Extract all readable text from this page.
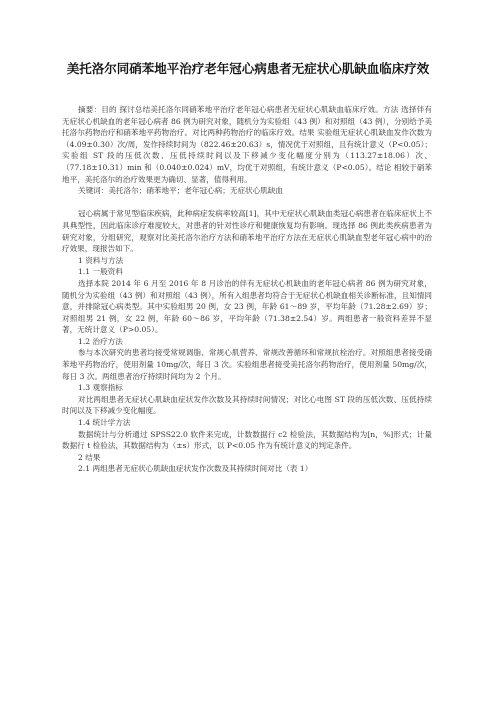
美托洛尔同硝苯地平治疗老年冠心病患者无症状心肌缺血临床疗效

摘要：目的 探讨总结美托洛尔同硝苯地平治疗老年冠心病患者无症状心肌缺血临床疗效。方法 选择伴有无症状心机缺血的老年冠心病者 86 例为研究对象，随机分为实验组（43 例）和对照组（43 例），分别给予美托洛尔药物治疗和硝苯地平药物治疗。对比两种药物治疗的临床疗效。结果 实验组无症状心肌缺血发作次数为（4.09±0.30）次/周，发作持续时间为（822.46±20.63）s，情况优于对照组，且有统计意义（P<0.05）；实验组 ST 段的压低次数、压低持续时间以及下移减少变化幅度分别为（113.27±18.06）次、（77.18±10.31）min 和（0.040±0.024）mV，均优于对照组，有统计意义（P<0.05）。结论 相较于硝苯地平，美托洛尔的治疗效果更为确切、显著，值得利用。

关键词：美托洛尔；硝苯地平；老年冠心病；无症状心肌缺血

冠心病属于常见型临床疾病，此种病症发病率较高[1]，其中无症状心肌缺血类冠心病患者在临床症状上不具典型性，因此临床诊疗难度较大，对患者的针对性诊疗和健康恢复均有影响。现选择 86 例此类疾病患者为研究对象，分组研究，观察对比美托洛尔治疗方法和硝苯地平治疗方法在无症状心肌缺血型老年冠心病中的治疗效果，现报告如下。

1 资料与方法

1.1 一般资料

选择本院 2014 年 6 月至 2016 年 8 月诊治的伴有无症状心机缺血的老年冠心病者 86 例为研究对象，随机分为实验组（43 例）和对照组（43 例），所有入组患者均符合于无症状心机缺血相关诊断标准，且知情同意，并排除冠心病类型。其中实验组男 20 例，女 23 例，年龄 61～89 岁，平均年龄（71.28±2.69）岁；对照组男 21 例，女 22 例，年龄 60～86 岁，平均年龄（71.38±2.54）岁。两组患者一般资料差异不显著，无统计意义（P>0.05）。

1.2 治疗方法

参与本次研究的患者均接受常规调脂、常规心肌营养、常规改善循环和常规抗栓治疗。对照组患者接受硝苯地平药物治疗，使用剂量 10mg/次，每日 3 次。实验组患者接受美托洛尔药物治疗，使用剂量 50mg/次，每日 3 次。两组患者治疗持续时间均为 2 个月。

1.3 观察指标

对比两组患者无症状心肌缺血症状发作次数及其持续时间情况；对比心电图 ST 段的压低次数、压低持续时间以及下移减少变化幅度。

1.4 统计学方法

数据统计与分析通过 SPSS22.0 软件来完成，计数数据行 c2 检验法，其数据结构为[n，%]形式；计量数据行 t 检验法，其数据结构为（±s）形式，以 P<0.05 作为有统计意义的判定条件。

2 结果

2.1 两组患者无症状心肌缺血症状发作次数及其持续时间对比（表 1）
